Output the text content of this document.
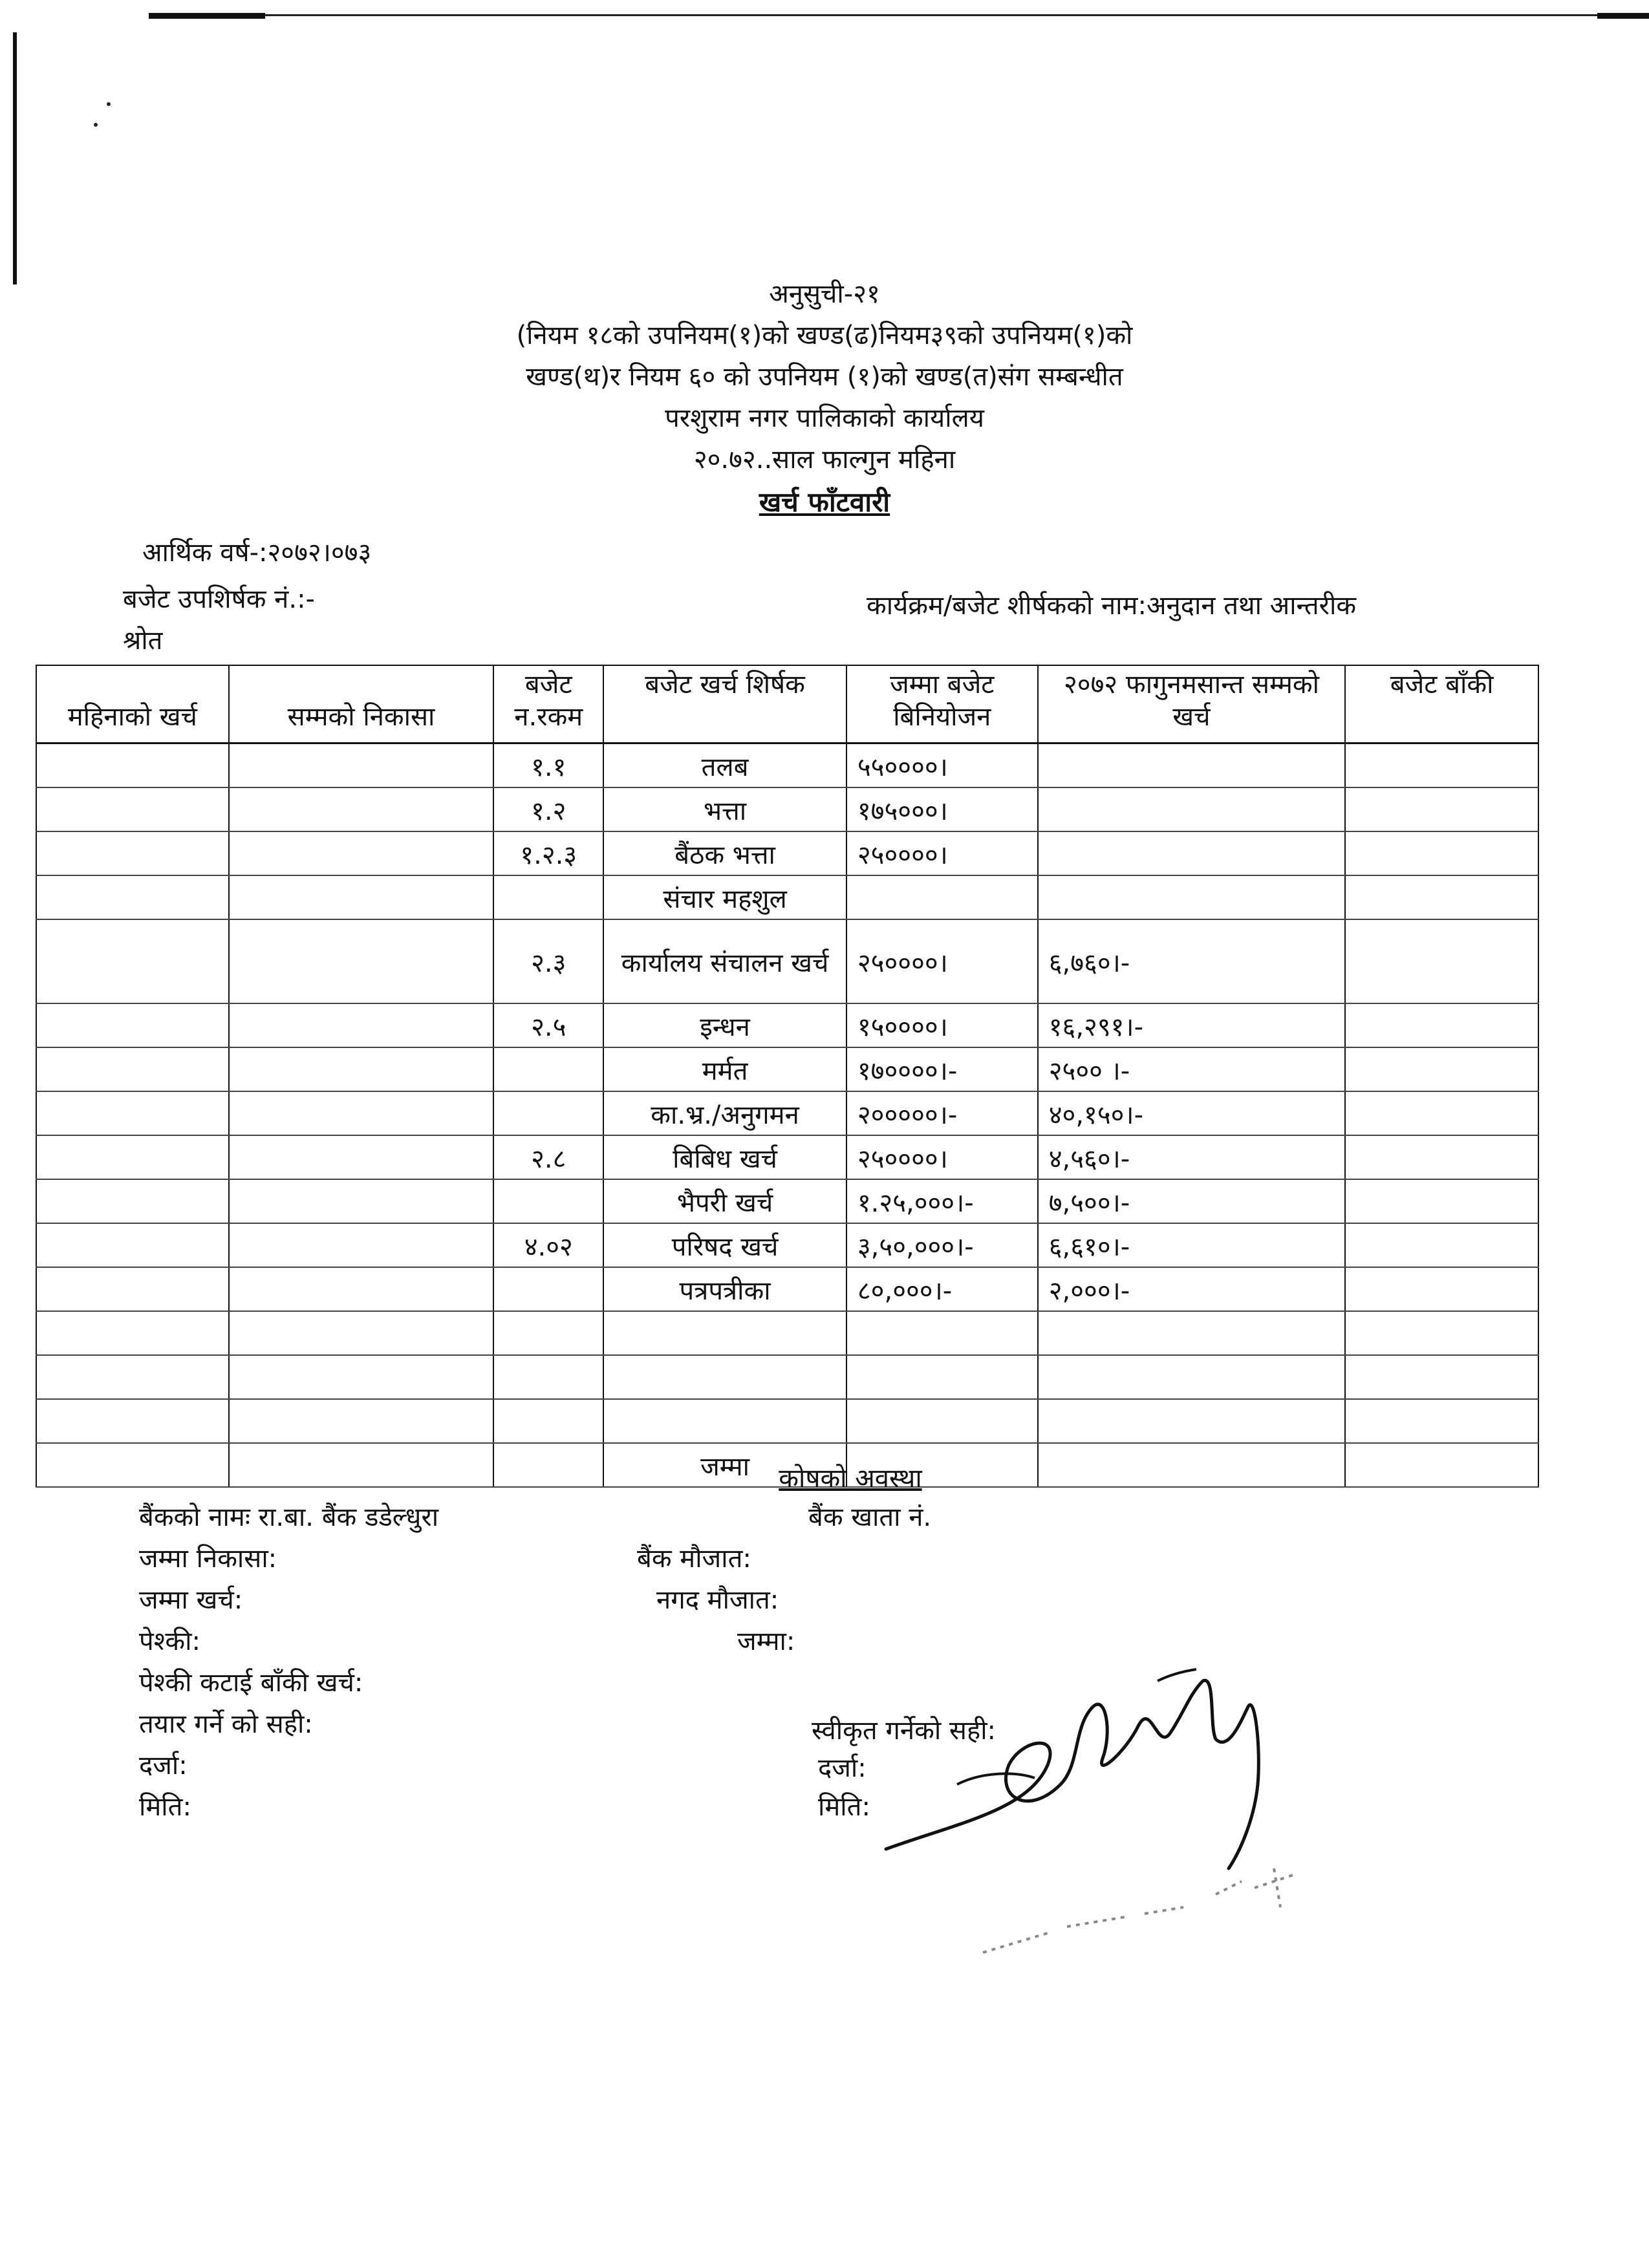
अनुसुची-२१
(नियम १८को उपनियम(१)को खण्ड(ढ)नियम३९को उपनियम(१)को
खण्ड(थ)र नियम ६० को उपनियम (१)को खण्ड(त)संग सम्बन्धीत
परशुराम नगर पालिकाको कार्यालय
२०.७२..साल फाल्गुन महिना
खर्च फाँटवारी
आर्थिक वर्ष-:२०७२।०७३
बजेट उपशिर्षक नं.:-	कार्यक्रम/बजेट शीर्षकको नाम:अनुदान तथा आन्तरीक
श्रोत

महिनाको खर्च	सम्मको निकासा	बजेट न.रकम	बजेट खर्च शिर्षक	जम्मा बजेट बिनियोजन	२०७२ फागुनमसान्त सम्मको खर्च	बजेट बाँकी
		१.१	तलब	५५००००।		
		१.२	भत्ता	१७५०००।		
		१.२.३	बैंठक भत्ता	२५००००।		
			संचार महशुल			
		२.३	कार्यालय संचालन खर्च	२५००००।	६,७६०।-	
		२.५	इन्धन	१५००००।	१६,२९१।-	
			मर्मत	१७००००।-	२५०० ।-	
			का.भ्र./अनुगमन	२०००००।-	४०,१५०।-	
		२.८	बिबिध खर्च	२५००००।	४,५६०।-	
			भैपरी खर्च	१.२५,०००।-	७,५००।-	
		४.०२	परिषद खर्च	३,५०,०००।-	६,६१०।-	
			पत्रपत्रीका	८०,०००।-	२,०००।-	

			जम्मा				कोषको अवस्था
बैंकको नामः रा.बा. बैंक डडेल्धुरा	बैंक खाता नं.
जम्मा निकासा:	बैंक मौजात:
जम्मा खर्च:	नगद मौजात:
पेश्की:	जम्मा:
पेश्की कटाई बाँकी खर्च:
तयार गर्ने को सही:	स्वीकृत गर्नेको सही:
दर्जा:	दर्जा:
मिति:	मिति:
